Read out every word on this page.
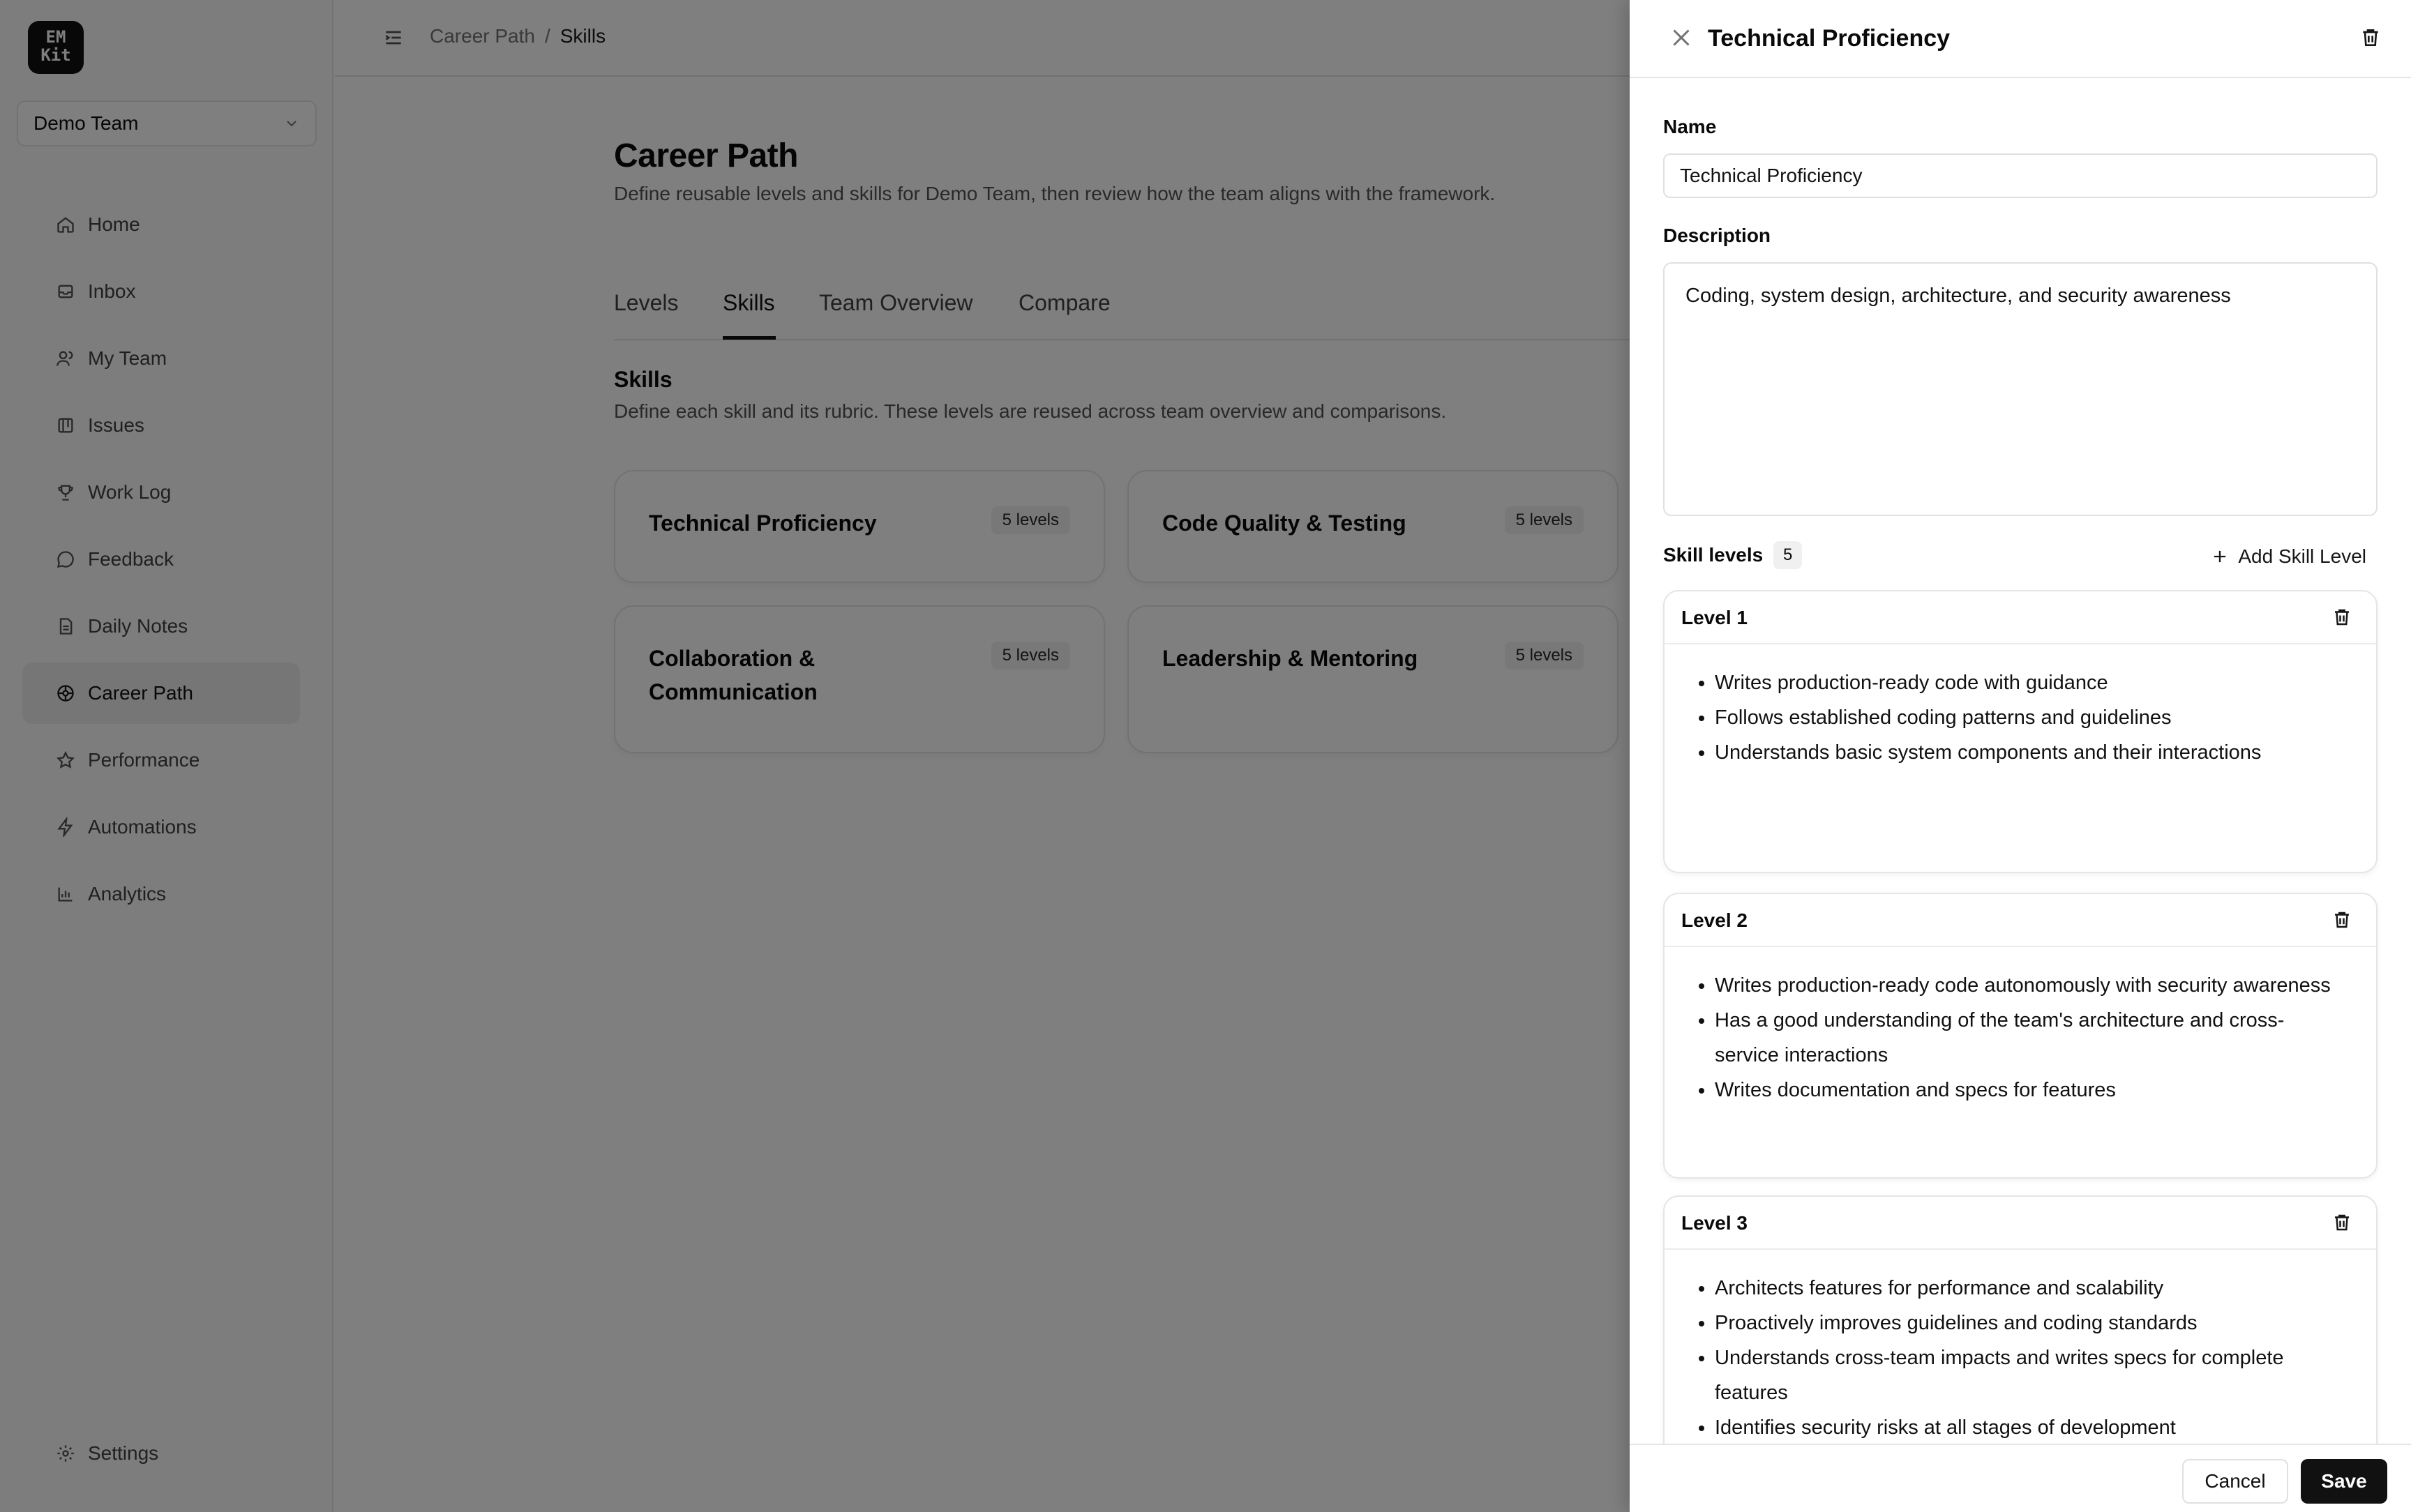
Technical Proficiency
Name
Technical Proficiency
Description
Coding, system design, architecture, and security awareness
Skill levels	5	Add Skill Level
Level 1
• Writes production-ready code with guidance
• Follows established coding patterns and guidelines
• Understands basic system components and their interactions
Level 2
• Writes production-ready code autonomously with security awareness
• Has a good understanding of the team's architecture and cross-service interactions
• Writes documentation and specs for features
Level 3
• Architects features for performance and scalability
• Proactively improves guidelines and coding standards
• Understands cross-team impacts and writes specs for complete features
• Identifies security risks at all stages of development
Cancel	Save
